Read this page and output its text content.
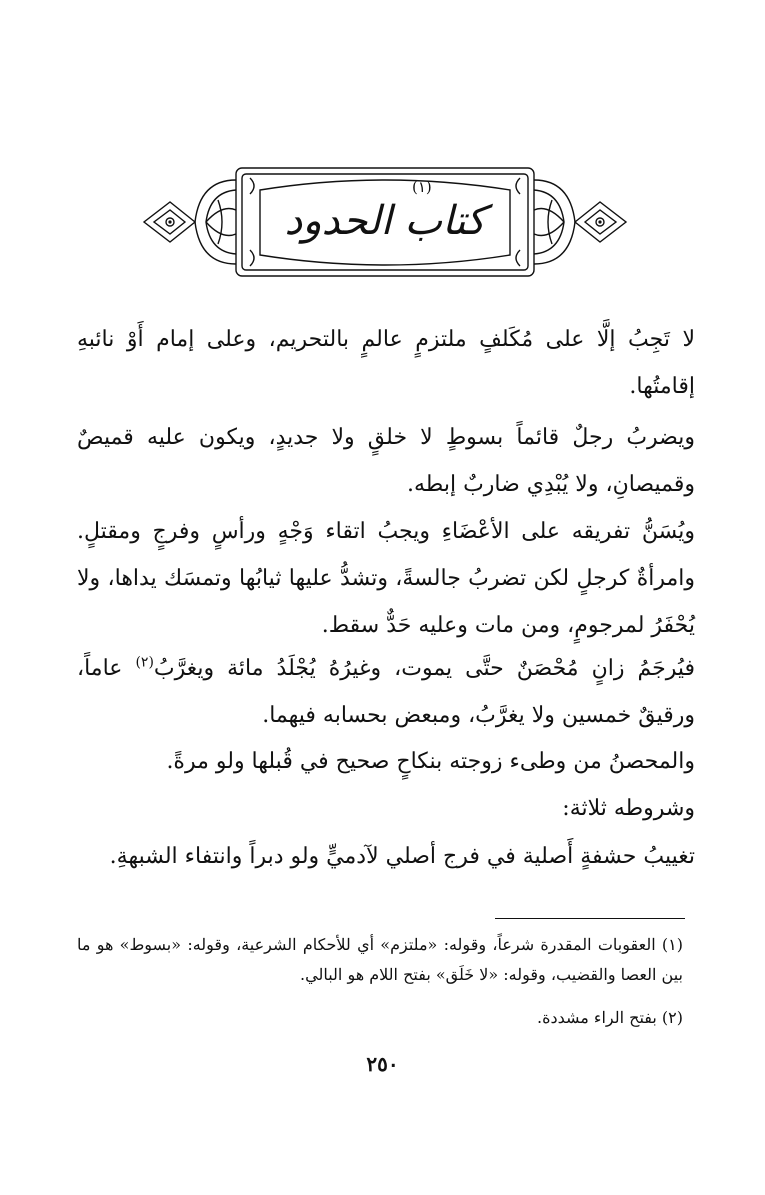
كتاب الحدود
(١)
لا تَجِبُ إلَّا على مُكَلفٍ ملتزمٍ عالمٍ بالتحريم، وعلى إمام أَوْ نائبهِ إقامتُها.
ويضربُ رجلٌ قائماً بسوطٍ لا خلقٍ ولا جديدٍ، ويكون عليه قميصٌ وقميصانِ، ولا يُبْدِي ضاربٌ إبطه.
ويُسَنُّ تفريقه على الأعْضَاءِ ويجبُ اتقاء وَجْهٍ ورأسٍ وفرجٍ ومقتلٍ. وامرأةٌ كرجلٍ لكن تضربُ جالسةً، وتشدُّ عليها ثيابُها وتمسَك يداها، ولا يُحْفَرُ لمرجومٍ، ومن مات وعليه حَدٌّ سقط.
فيُرجَمُ زانٍ مُحْصَنٌ حتَّى يموت، وغيرُهُ يُجْلَدُ مائة ويغرَّبُ$^{(٢)}$ عاماً، ورقيقٌ خمسين ولا يغرَّبُ، ومبعض بحسابه فيهما.
والمحصنُ من وطىء زوجته بنكاحٍ صحيح في قُبلها ولو مرةً.
وشروطه ثلاثة:
تغييبُ حشفةٍ أَصلية في فرج أصلي لآدميٍّ ولو دبراً وانتفاء الشبهةِ.
(١) العقوبات المقدرة شرعاً، وقوله: «ملتزم» أي للأحكام الشرعية، وقوله: «بسوط» هو ما بين العصا والقضيب، وقوله: «لا خَلَق» بفتح اللام هو البالي.
(٢) بفتح الراء مشددة.
٢٥٠
